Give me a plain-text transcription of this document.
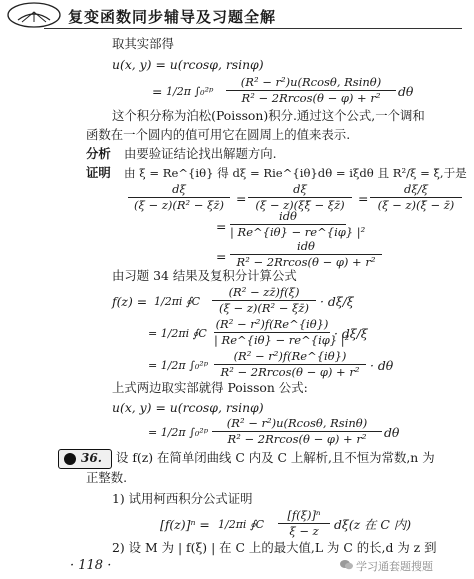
复变函数同步辅导及习题全解
取其实部得
u(x, y) = u(rcosφ, rsinφ)
= 1/2π ∫₀²ᵖ
(R² − r²)u(Rcosθ, Rsinθ)
R² − 2Rrcos(θ − φ) + r²	dθ
这个积分称为泊松(Poisson)积分.通过这个公式,一个调和
函数在一个圆内的值可用它在圆周上的值来表示.
分析 由要验证结论找出解题方向.
证明 由 ξ = Re^{iθ} 得 dξ = Rie^{iθ}dθ = iξdθ 且 R²/ξ = ξ̄,于是
dξ
(ξ − z)(R² − ξz̄) =
dξ
(ξ − z)(ξξ̄ − ξz̄)	=
dξ/ξ
(ξ − z)(ξ̄ − z̄)
=
idθ
| Re^{iθ} − re^{iφ} |²
=
idθ
R² − 2Rrcos(θ − φ) + r²
由习题 34 结果及复积分计算公式
f(z) = 1/2πi ∮C
(R² − zz̄)f(ξ)
(ξ − z)(R² − ξz̄) · dξ/ξ
= 1/2πi ∮C
(R² − r²)f(Re^{iθ})
| Re^{iθ} − re^{iφ} |²
· dξ/ξ
= 1/2π ∫₀²ᵖ
(R² − r²)f(Re^{iθ})
R² − 2Rrcos(θ − φ) + r² · dθ
上式两边取实部就得 Poisson 公式:
u(x, y) = u(rcosφ, rsinφ)
= 1/2π ∫₀²ᵖ
(R² − r²)u(Rcosθ, Rsinθ)
R² − 2Rrcos(θ − φ) + r²	dθ
36. 设 f(z) 在简单闭曲线 C 内及 C 上解析,且不恒为常数,n 为
正整数.
1) 试用柯西积分公式证明
[f(z)]ⁿ = 1/2πi ∮C
[f(ξ)]ⁿ
ξ − z	dξ(z 在 C 内)
2) 设 M 为 | f(ξ) | 在 C 上的最大值,L 为 C 的长,d 为 z 到
· 118 ·	学习通套题搜题
